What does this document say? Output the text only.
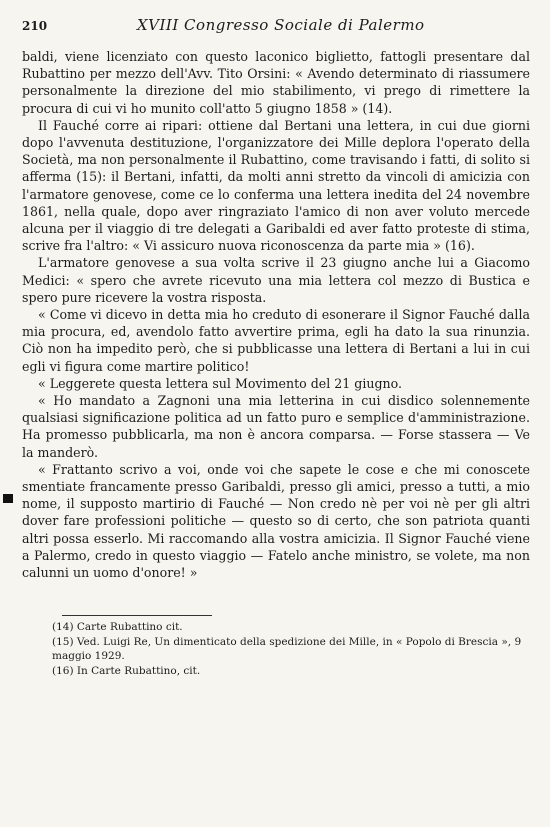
210	XVIII Congresso Sociale di Palermo

baldi, viene licenziato con questo laconico biglietto, fattogli presentare dal Rubattino per mezzo dell'Avv. Tito Orsini: « Avendo determinato di riassumere personalmente la direzione del mio stabilimento, vi prego di rimettere la procura di cui vi ho munito coll'atto 5 giugno 1858 » (14).

Il Fauché corre ai ripari: ottiene dal Bertani una lettera, in cui due giorni dopo l'avvenuta destituzione, l'organizzatore dei Mille deplora l'operato della Società, ma non personalmente il Rubattino, come travisando i fatti, di solito si afferma (15): il Bertani, infatti, da molti anni stretto da vincoli di amicizia con l'armatore genovese, come ce lo conferma una lettera inedita del 24 novembre 1861, nella quale, dopo aver ringraziato l'amico di non aver voluto mercede alcuna per il viaggio di tre delegati a Garibaldi ed aver fatto proteste di stima, scrive fra l'altro: « Vi assicuro nuova riconoscenza da parte mia » (16).

L'armatore genovese a sua volta scrive il 23 giugno anche lui a Giacomo Medici: « spero che avrete ricevuto una mia lettera col mezzo di Bustica e spero pure ricevere la vostra risposta.

« Come vi dicevo in detta mia ho creduto di esonerare il Signor Fauché dalla mia procura, ed, avendolo fatto avvertire prima, egli ha dato la sua rinunzia. Ciò non ha impedito però, che si pubblicasse una lettera di Bertani a lui in cui egli vi figura come martire politico!

« Leggerete questa lettera sul Movimento del 21 giugno.

« Ho mandato a Zagnoni una mia letterina in cui disdico solennemente qualsiasi significazione politica ad un fatto puro e semplice d'amministrazione. Ha promesso pubblicarla, ma non è ancora comparsa. — Forse stassera — Ve la manderò.

« Frattanto scrivo a voi, onde voi che sapete le cose e che mi conoscete smentiate francamente presso Garibaldi, presso gli amici, presso a tutti, a mio nome, il supposto martirio di Fauché — Non credo nè per voi nè per gli altri dover fare professioni politiche — questo so di certo, che son patriota quanti altri possa esserlo. Mi raccomando alla vostra amicizia. Il Signor Fauché viene a Palermo, credo in questo viaggio — Fatelo anche ministro, se volete, ma non calunni un uomo d'onore! »

(14) Carte Rubattino cit.

(15) Ved. Luigi Re, Un dimenticato della spedizione dei Mille, in « Popolo di Brescia », 9 maggio 1929.

(16) In Carte Rubattino, cit.
